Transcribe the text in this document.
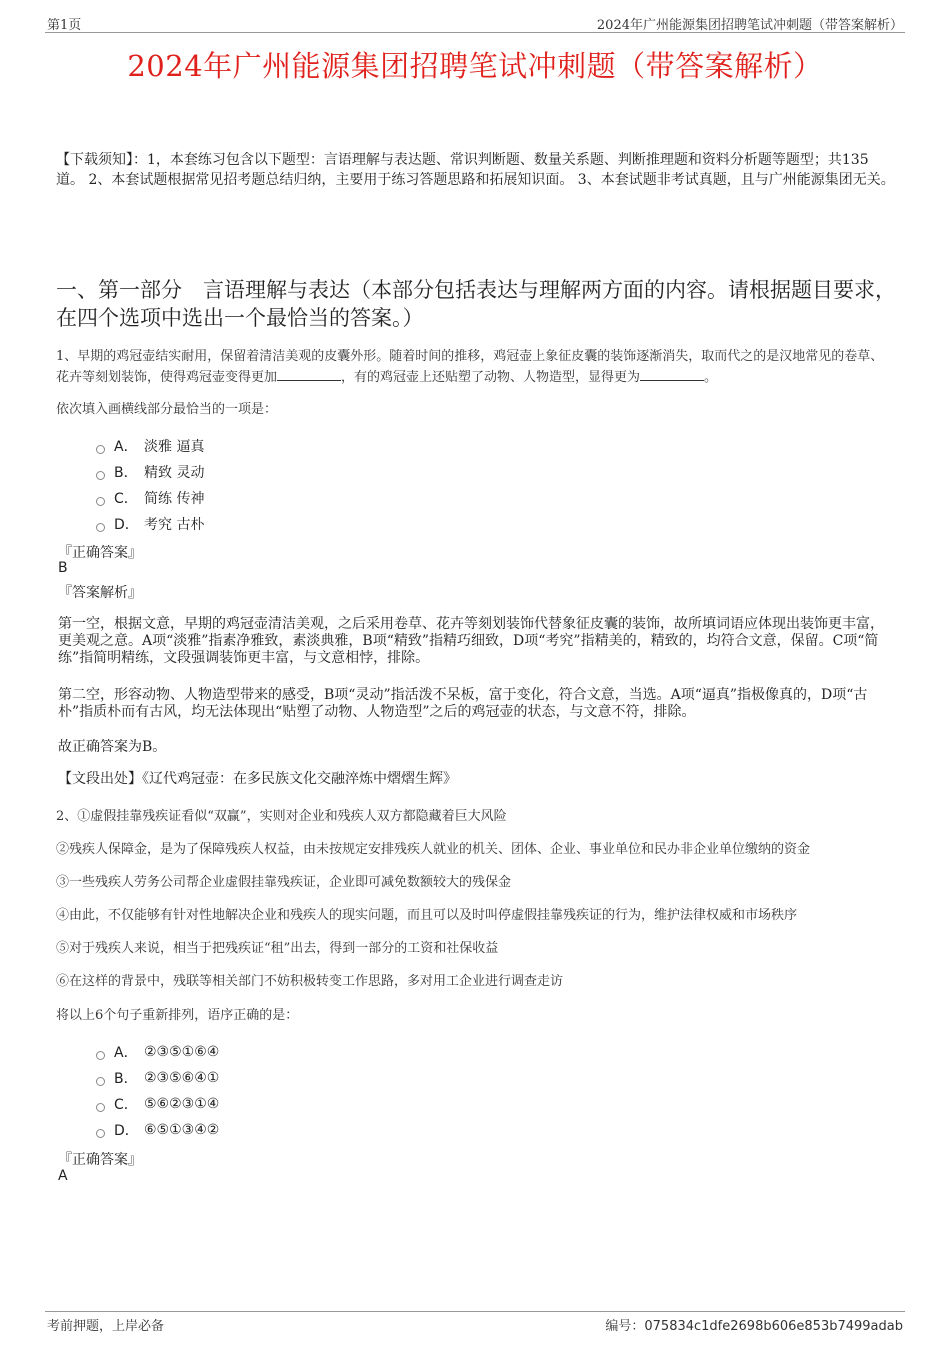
第1页	2024年广州能源集团招聘笔试冲刺题（带答案解析）
2024年广州能源集团招聘笔试冲刺题（带答案解析）
【下载须知】：1，本套练习包含以下题型：言语理解与表达题、常识判断题、数量关系题、判断推理题和资料分析题等题型；共135道。 2、本套试题根据常见招考题总结归纳，主要用于练习答题思路和拓展知识面。 3、本套试题非考试真题，且与广州能源集团无关。
一、第一部分　言语理解与表达（本部分包括表达与理解两方面的内容。请根据题目要求，在四个选项中选出一个最恰当的答案。）
1、早期的鸡冠壶结实耐用，保留着清洁美观的皮囊外形。随着时间的推移，鸡冠壶上象征皮囊的装饰逐渐消失，取而代之的是汉地常见的卷草、花卉等刻划装饰，使得鸡冠壶变得更加	，有的鸡冠壶上还贴塑了动物、人物造型，显得更为	。
依次填入画横线部分最恰当的一项是：
A． 淡雅 逼真
B． 精致 灵动
C． 简练 传神
D． 考究 古朴
『正确答案』
B
『答案解析』
第一空，根据文意，早期的鸡冠壶清洁美观，之后采用卷草、花卉等刻划装饰代替象征皮囊的装饰，故所填词语应体现出装饰更丰富，更美观之意。A项“淡雅”指素净雅致，素淡典雅，B项“精致”指精巧细致，D项“考究”指精美的，精致的，均符合文意，保留。C项“简练”指简明精练，文段强调装饰更丰富，与文意相悖，排除。
第二空，形容动物、人物造型带来的感受，B项“灵动”指活泼不呆板，富于变化，符合文意，当选。A项“逼真”指极像真的，D项“古朴”指质朴而有古风，均无法体现出“贴塑了动物、人物造型”之后的鸡冠壶的状态，与文意不符，排除。
故正确答案为B。
【文段出处】《辽代鸡冠壶：在多民族文化交融淬炼中熠熠生辉》
2、①虚假挂靠残疾证看似“双赢”，实则对企业和残疾人双方都隐藏着巨大风险
②残疾人保障金，是为了保障残疾人权益，由未按规定安排残疾人就业的机关、团体、企业、事业单位和民办非企业单位缴纳的资金
③一些残疾人劳务公司帮企业虚假挂靠残疾证，企业即可减免数额较大的残保金
④由此，不仅能够有针对性地解决企业和残疾人的现实问题，而且可以及时叫停虚假挂靠残疾证的行为，维护法律权威和市场秩序
⑤对于残疾人来说，相当于把残疾证“租”出去，得到一部分的工资和社保收益
⑥在这样的背景中，残联等相关部门不妨积极转变工作思路，多对用工企业进行调查走访
将以上6个句子重新排列，语序正确的是：
A． ②③⑤①⑥④
B． ②③⑤⑥④①
C． ⑤⑥②③①④
D． ⑥⑤①③④②
『正确答案』
A
考前押题，上岸必备	编号：075834c1dfe2698b606e853b7499adab
